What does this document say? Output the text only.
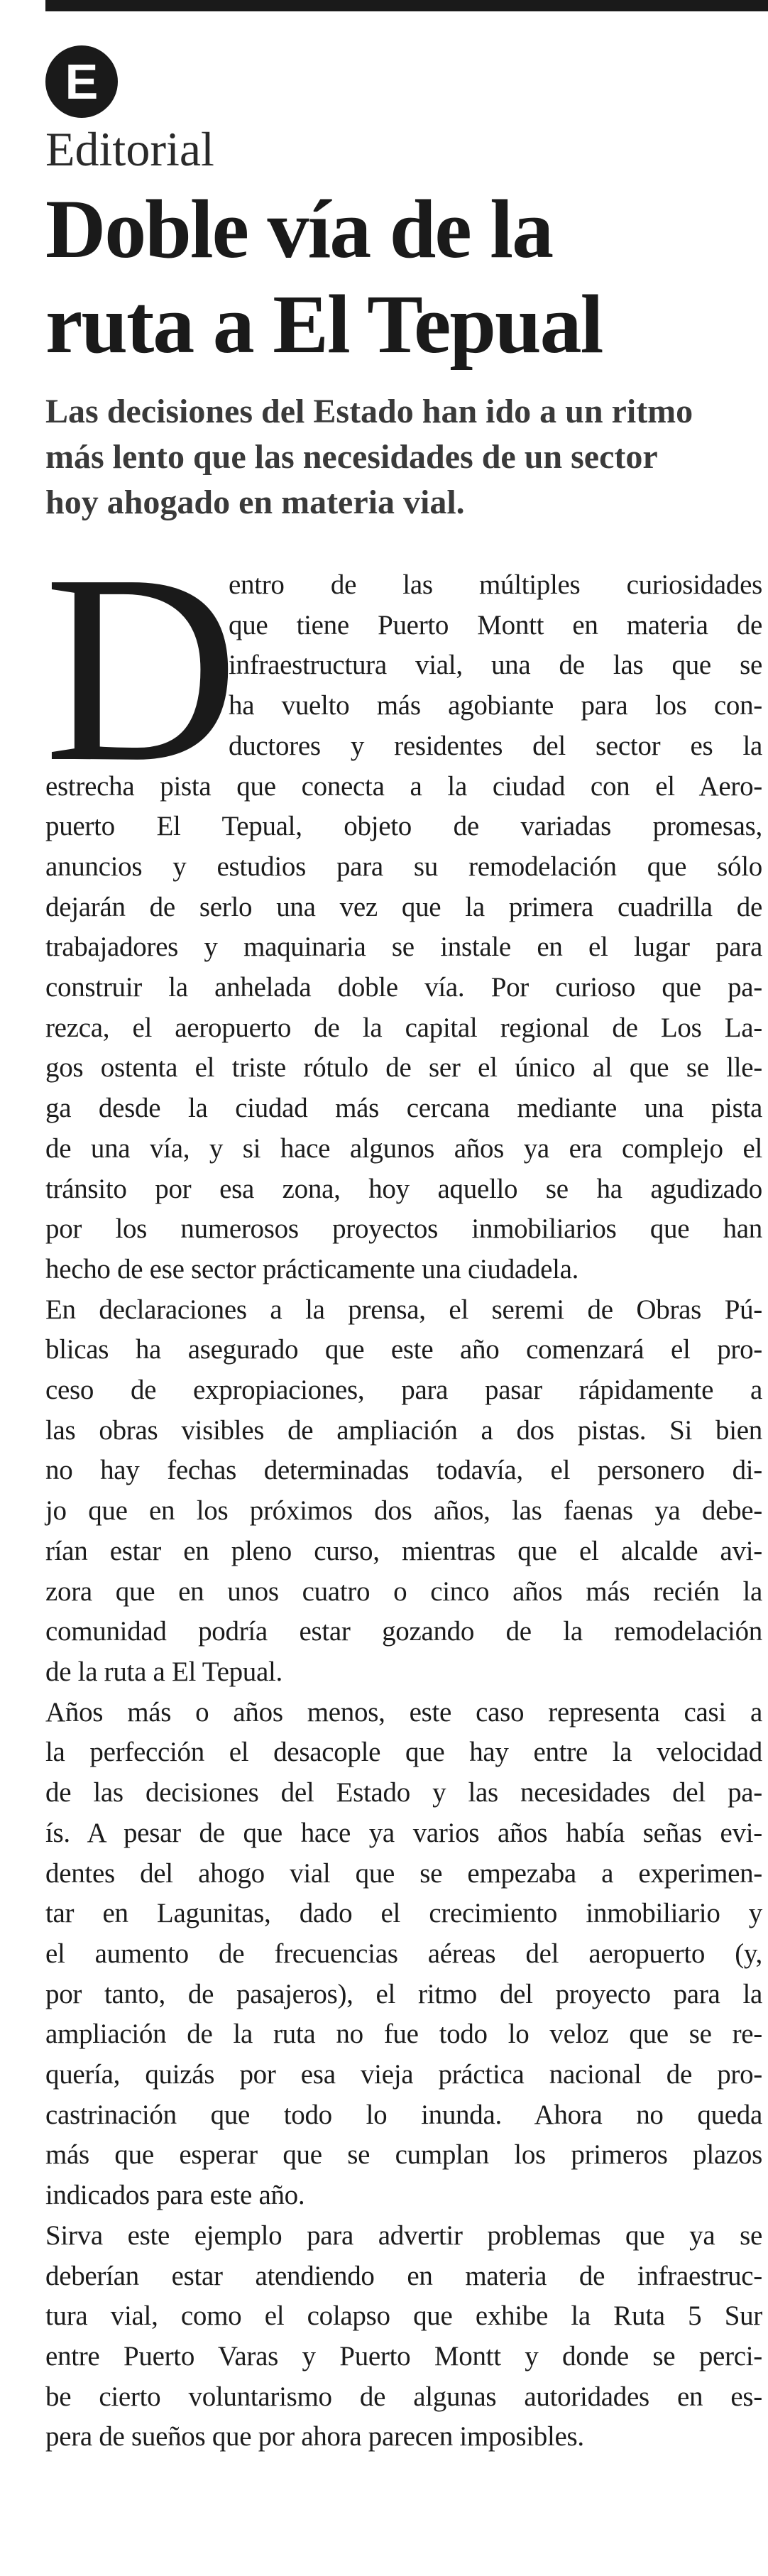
E
Editorial
Doble vía de la
ruta a El Tepual
Las decisiones del Estado han ido a un ritmo
más lento que las necesidades de un sector
hoy ahogado en materia vial.
D
entro de las múltiples curiosidades
que tiene Puerto Montt en materia de
infraestructura vial, una de las que se
ha vuelto más agobiante para los con-
ductores y residentes del sector es la
estrecha pista que conecta a la ciudad con el Aero-
puerto El Tepual, objeto de variadas promesas,
anuncios y estudios para su remodelación que sólo
dejarán de serlo una vez que la primera cuadrilla de
trabajadores y maquinaria se instale en el lugar para
construir la anhelada doble vía. Por curioso que pa-
rezca, el aeropuerto de la capital regional de Los La-
gos ostenta el triste rótulo de ser el único al que se lle-
ga desde la ciudad más cercana mediante una pista
de una vía, y si hace algunos años ya era complejo el
tránsito por esa zona, hoy aquello se ha agudizado
por los numerosos proyectos inmobiliarios que han
hecho de ese sector prácticamente una ciudadela.
En declaraciones a la prensa, el seremi de Obras Pú-
blicas ha asegurado que este año comenzará el pro-
ceso de expropiaciones, para pasar rápidamente a
las obras visibles de ampliación a dos pistas. Si bien
no hay fechas determinadas todavía, el personero di-
jo que en los próximos dos años, las faenas ya debe-
rían estar en pleno curso, mientras que el alcalde avi-
zora que en unos cuatro o cinco años más recién la
comunidad podría estar gozando de la remodelación
de la ruta a El Tepual.
Años más o años menos, este caso representa casi a
la perfección el desacople que hay entre la velocidad
de las decisiones del Estado y las necesidades del pa-
ís. A pesar de que hace ya varios años había señas evi-
dentes del ahogo vial que se empezaba a experimen-
tar en Lagunitas, dado el crecimiento inmobiliario y
el aumento de frecuencias aéreas del aeropuerto (y,
por tanto, de pasajeros), el ritmo del proyecto para la
ampliación de la ruta no fue todo lo veloz que se re-
quería, quizás por esa vieja práctica nacional de pro-
castrinación que todo lo inunda. Ahora no queda
más que esperar que se cumplan los primeros plazos
indicados para este año.
Sirva este ejemplo para advertir problemas que ya se
deberían estar atendiendo en materia de infraestruc-
tura vial, como el colapso que exhibe la Ruta 5 Sur
entre Puerto Varas y Puerto Montt y donde se perci-
be cierto voluntarismo de algunas autoridades en es-
pera de sueños que por ahora parecen imposibles.
